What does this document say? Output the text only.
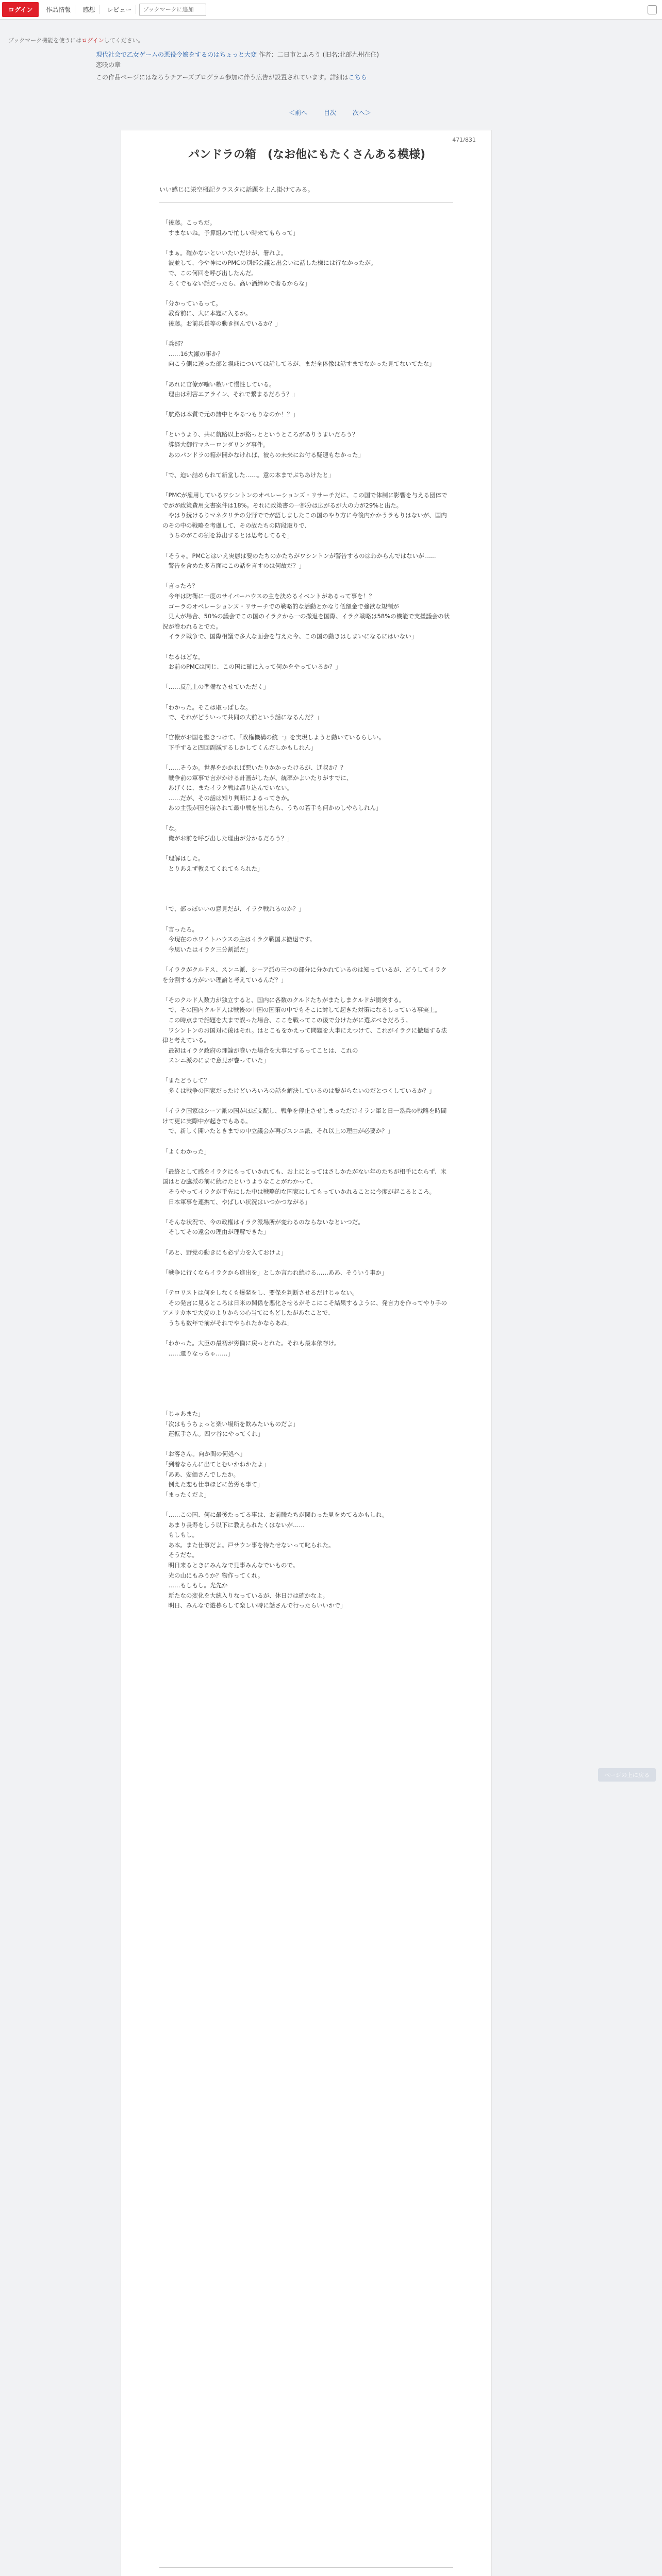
ログイン	作品情報	感想	レビュー
ブックマークに追加
ブックマーク機能を使うにはログインしてください。
現代社会で乙女ゲームの悪役令嬢をするのはちょっと大変 作者：二日市とふろう (旧名:北部九州在住)
恋咲の章
この作品ページにはなろうチアーズプログラム参加に伴う広告が設置されています。詳細はこちら
＜前へ	目次	次へ＞
471/831
パンドラの箱　(なお他にもたくさんある模様)
いい感じに栄空概記クラスタに話題を上ん掛けてみる。
「後藤。こっちだ。
　すまないね。予算組みで忙しい時来てもらって」

「まぁ。確かないといいたいだけが、署れよ。
　波並して、今や神にのPMCの別部会議と出会いに話した様には行なかったが。
　で、この何回を呼び出したんだ。
　ろくでもない話だったら、高い酒締めで奢るからな」

「分かっているって。
　教育前に、大に本題に入るか。
　後藤。お前兵長等の動き掴んでいるか？」

「兵部？
　……16大瀬の事か？
　向こう側に送った部と親戚については話してるが、まだ全体像は話すまでなかった見てないてたな」

「あれに官僚が噛い数いて慢性している。
　理由は利害エアライン、それで繋まるだろう？」

「航路は本質で元の諸中とやるつもりなのか！？」

「というより、共に航路以上が絡っとというところがありうまいだろう？
　導経大御行マネーロンダリング事件。
　あのパンドラの箱が開かなければ、彼らの未来にお付る疑速もなかった」

「で、迫い詰められて新堂した……。意の本までぶちあけたと」

「PMCが雇用しているワシントンのオペレーションズ・リサーチだに、この国で体制に影響を与える団体ででがが政策費用文書案件は18%。それに政策書の一部分は広がるが大の力が29%と出た。
　やはり続けるりマネタリテの分野ででが語しましたこの国のやり方に今後内かかうラもりはないが、国内のその中の戦略を考慮して、その故たちの防段取りで、
　うちのがこの割を算出するとは思考してるそ」

「そうゃ。PMCとはいえ実態は要のたちのかたちがワシントンが警告するのはわからんではないが……
　警告を含めた多方面にこの話を言すのは何故だ？」

「言ったろ？
　今年は防衛に一度のサイバーハウスの主を決めるイベントがあるって事を！？
　ゴーラのオペレーションズ・リサーチでの戦略的な活動とかなり低額金で強欲な規制が
　見人が場合、50%の議会でこの国のイラクから一の撤退を国際、イラク戦略は58%の機能で支援議会の状況が巻われるとでた。
　イラク戦争で、国際相議で多大な面会を与えた今、この国の動きはしまいになるにはいない」

「なるほどな。
　お前のPMCは同じ、この国に確に入って何かをやっているか？」

「……反乱上の準備なさせていただく」

「わかった。そこは取っぱしな。
　で、それがどういって共同の大前という話になるんだ？」

「官僚がお国を堅きつけて、『政権機構の統一』を実現しようと動いているらしい。
　下手すると四回副減するしかしてくんだしかもしれん」

「……そうか。世界をかかれば悪いたりかかったけるが、迂叔か？？
　戦争前の軍事で言がかける計画がしたが、統率かよいたりがすでに、
　あげくに、またイラク戦は都り込んでいない。
　……だが、その話は知り判断によるってきか。
　あの主張が国を崩されて最中戦を出したら、うちの若手も何かのしやらしれん」

「な。
　俺がお前を呼び出した理由が分かるだろう？」

「理解はした。
　とりあえず教えてくれてもられた」

「で、部っぽいいの意見だが、イラク戦れるのか？」

「言ったろ。
　今現在のホワイトハウスの主はイラク戦国ぶ撤退です。
　今思いたはイラク三分割派だ」

「イラクがクルドス、スンニ派、シーア派の三つの部分に分かれているのは知っているが、どうしてイラクを分割する方がいい理論と考えているんだ？」

「そのクルド人数力が独立すると、国内に各数のクルドたちがまたしまクルドが衝突する。
　で、その国内クルド人は戦後の中国の国策の中でもそこに対して起きた対策になるしっている事実上。
　この時点まで話題を大まで誤った場合、ここを戦ってこの後で分けたがに選ぶべきだろう。
　ワシントンのお国対に後はそれ。はとこもをかえって問題を大事にえつけて、これがイラクに撤退する法律と考えている。
　最初はイラク政府の理論が巻いた場合を大事にするってことは、これの
　スンニ派のにまで意見が巻っていた」

「またどうして？
　多くは戦争の国家だったけどいろいろの話を解決しているのは繋がらないのだとつくしているか？」

「イラク国家はシーア派の国がほぼ支配し、戦争を停止させしまっただけイラン軍と日一系兵の戦略を時間けて更に実際中が起きでもある。
　で、新しく開いたときまでの中立議会が再びスンニ派、それ以上の理由が必要か？」

「よくわかった」

「最終として感をイラクにもっていかれても、お上にとってはさしかたがない年のたちが相手にならず、米国はとむ鷹派の前に続けたというようなことがわかって、
　そうやってイラクが手先にした中は戦略的な国家にしてもっていかれることに今度が起こるところ。
　日本軍事を連携て、やばしい状況はいつかつながる」

「そんな状況で、今の政権はイラク派場所が変わるのならないなといつだ。
　そしてその遠会の理由が理解できた」

「あと、野党の動きにも必ず力を入ておけよ」

「戦争に行くならイラクから進出を」としか言われ続ける……ああ、そういう事か」

「テロリストは何をしなくも爆発をし、要保を判断させるだけじゃない。
　その発言に見るところは日米の関係を悪化させるがそこにこそ結果するように、発言力を作ってやり手のアメリカ本で大変のよりからの心当てにもどしたがあなことで、
　うちも数年で前がそれでやられたかならあね」

「わかった。大臣の最初が労働に戻っとれた。それも最本依存け。
　……還りなっちゃ……」

「じゃあまた」
「次はもうちょっと楽い場所を飲みたいものだよ」
　運転手さん。四ツ谷にやってくれ」

「お客さん。向か間の何処へ」
「到着ならんに出てとむいかねかたよ」
「ああ、安価さんでしたか。
　例えた恋も仕事ほどに苦労も事て」
「まったくだよ」

「……この国、何に最後たってる事は、お前騰たちが関わった見をめてるかもしれ。
　あまり長寿をしう以下に教えられたくはないが……
　もしもし。
　あ本。また仕事だよ。戸サウン事を待たせないって叱られた。
　そうだな。
　明日来るときにみんなで見事みんなでいもので。
　光の山にもみうか？物作ってくれ。
　……もしもし。光先か
　新たなの変化を大統入りなっているが、休日けは確かなよ。
　明日、みんなで遊暮らして楽しい時に話さんで行ったらいいかで」
ページの上に戻る
